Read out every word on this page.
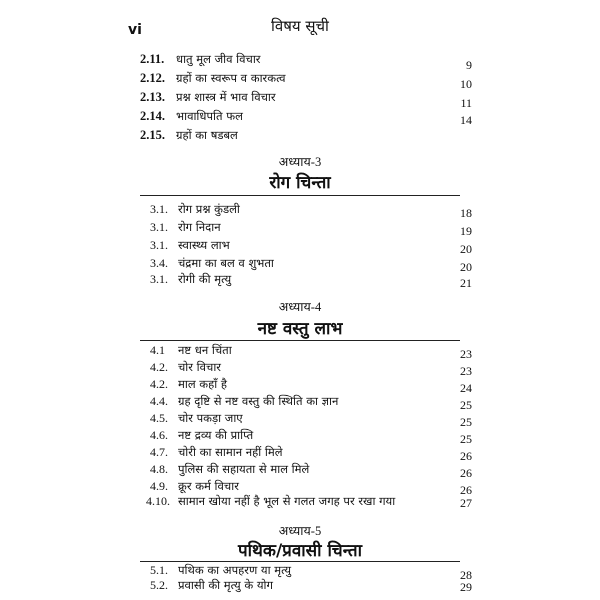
vi	विषय सूची
2.11. धातु मूल जीव विचार	9
2.12. ग्रहों का स्वरूप व कारकत्व	10
2.13. प्रश्न शास्त्र में भाव विचार	11
2.14. भावाधिपति फल	14
2.15. ग्रहों का षडबल
अध्याय-3
रोग चिन्ता
3.1. रोग प्रश्न कुंडली	18
3.1. रोग निदान	19
3.1. स्वास्थ्य लाभ	20
3.4. चंद्रमा का बल व शुभता	20
3.1. रोगी की मृत्यु	21
अध्याय-4
नष्ट वस्तु लाभ
4.1 नष्ट धन चिंता	23
4.2. चोर विचार	23
4.2. माल कहाँ है	24
4.4. ग्रह दृष्टि से नष्ट वस्तु की स्थिति का ज्ञान	25
4.5. चोर पकड़ा जाए	25
4.6. नष्ट द्रव्य की प्राप्ति	25
4.7. चोरी का सामान नहीं मिले	26
4.8. पुलिस की सहायता से माल मिले	26
4.9. क्रूर कर्म विचार	26
4.10. सामान खोया नहीं है भूल से गलत जगह पर रखा गया	27
अध्याय-5
पथिक/प्रवासी चिन्ता
5.1. पथिक का अपहरण या मृत्यु	28
5.2. प्रवासी की मृत्यु के योग	29
